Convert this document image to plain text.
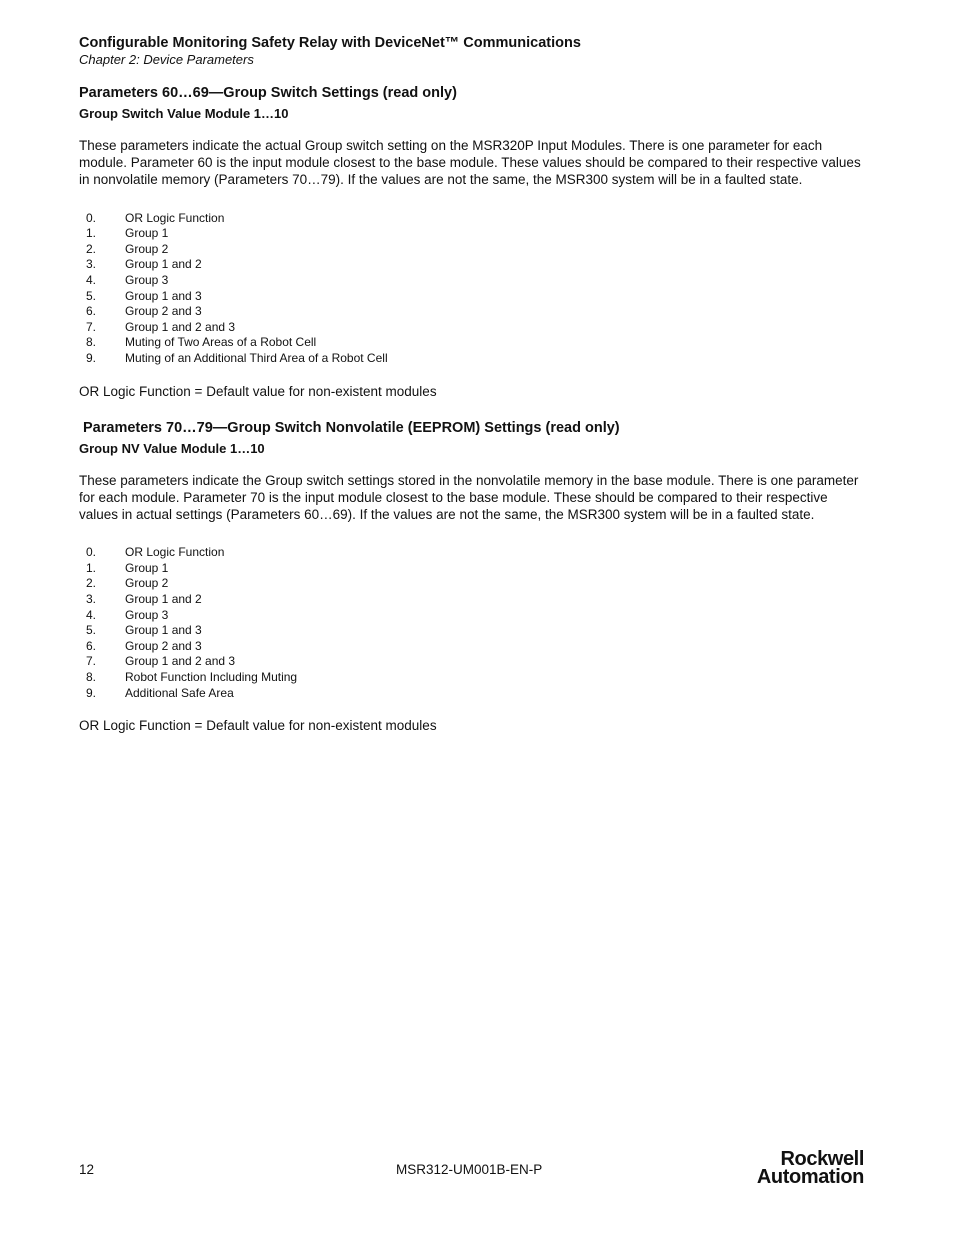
Configurable Monitoring Safety Relay with DeviceNet™ Communications

Chapter 2: Device Parameters

Parameters 60…69—Group Switch Settings (read only)
Group Switch Value Module 1…10

These parameters indicate the actual Group switch setting on the MSR320P Input Modules. There is one parameter for each module. Parameter 60 is the input module closest to the base module. These values should be compared to their respective values in nonvolatile memory (Parameters 70…79). If the values are not the same, the MSR300 system will be in a faulted state.

0.	OR Logic Function
1.	Group 1
2.	Group 2
3.	Group 1 and 2
4.	Group 3
5.	Group 1 and 3
6.	Group 2 and 3
7.	Group 1 and 2 and 3
8.	Muting of Two Areas of a Robot Cell
9.	Muting of an Additional Third Area of a Robot Cell

OR Logic Function = Default value for non-existent modules

Parameters 70…79—Group Switch Nonvolatile (EEPROM) Settings (read only)
Group NV Value Module 1…10

These parameters indicate the Group switch settings stored in the nonvolatile memory in the base module. There is one parameter for each module. Parameter 70 is the input module closest to the base module. These should be compared to their respective values in actual settings (Parameters 60…69). If the values are not the same, the MSR300 system will be in a faulted state.

0.	OR Logic Function
1.	Group 1
2.	Group 2
3.	Group 1 and 2
4.	Group 3
5.	Group 1 and 3
6.	Group 2 and 3
7.	Group 1 and 2 and 3
8.	Robot Function Including Muting
9.	Additional Safe Area

OR Logic Function = Default value for non-existent modules

12	MSR312-UM001B-EN-P	Rockwell
Automation
